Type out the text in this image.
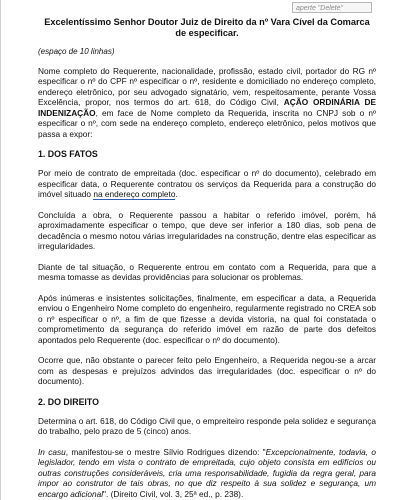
aperte "Delete"
Excelentíssimo Senhor Doutor Juiz de Direito da nº Vara Cível da Comarca
de especificar.

(espaço de 10 linhas)

Nome completo do Requerente, nacionalidade, profissão, estado civil, portador do RG nº especificar o nº do CPF nº especificar o nº, residente e domiciliado no endereço completo, endereço eletrônico, por seu advogado signatário, vem, respeitosamente, perante Vossa Excelência, propor, nos termos do art. 618, do Código Civil, AÇÃO ORDINÁRIA DE INDENIZAÇÃO, em face de Nome completo da Requerida, inscrita no CNPJ sob o nº especificar o nº, com sede na endereço completo, endereço eletrônico, pelos motivos que passa a expor:

1. DOS FATOS

Por meio de contrato de empreitada (doc. especificar o nº do documento), celebrado em especificar data, o Requerente contratou os serviços da Requerida para a construção do imóvel situado na endereço completo.

Concluída a obra, o Requerente passou a habitar o referido imóvel, porém, há aproximadamente especificar o tempo, que deve ser inferior a 180 dias, sob pena de decadência o mesmo notou várias irregularidades na construção, dentre elas especificar as irregularidades.

Diante de tal situação, o Requerente entrou em contato com a Requerida, para que a mesma tomasse as devidas providências para solucionar os problemas.

Após inúmeras e insistentes solicitações, finalmente, em especificar a data, a Requerida enviou o Engenheiro Nome completo do engenheiro, regularmente registrado no CREA sob o nº especificar o nº, a fim de que fizesse a devida vistoria, na qual foi constatada o comprometimento da segurança do referido imóvel em razão de parte dos defeitos apontados pelo Requerente (doc. especificar o nº do documento).

Ocorre que, não obstante o parecer feito pelo Engenheiro, a Requerida negou-se a arcar com as despesas e prejuízos advindos das irregularidades (doc. especificar o nº do documento).

2. DO DIREITO

Determina o art. 618, do Código Civil que, o empreiteiro responde pela solidez e segurança do trabalho, pelo prazo de 5 (cinco) anos.

In casu, manifestou-se o mestre Sílvio Rodrigues dizendo: "Excepcionalmente, todavia, o legislador, tendo em vista o contrato de empreitada, cujo objeto consista em edifícios ou outras construções consideráveis, cria uma responsabilidade, fugidia da regra geral, para impor ao construtor de tais obras, no que diz respeito à sua solidez e segurança, um encargo adicional". (Direito Civil, vol. 3, 25ª ed., p. 238).
